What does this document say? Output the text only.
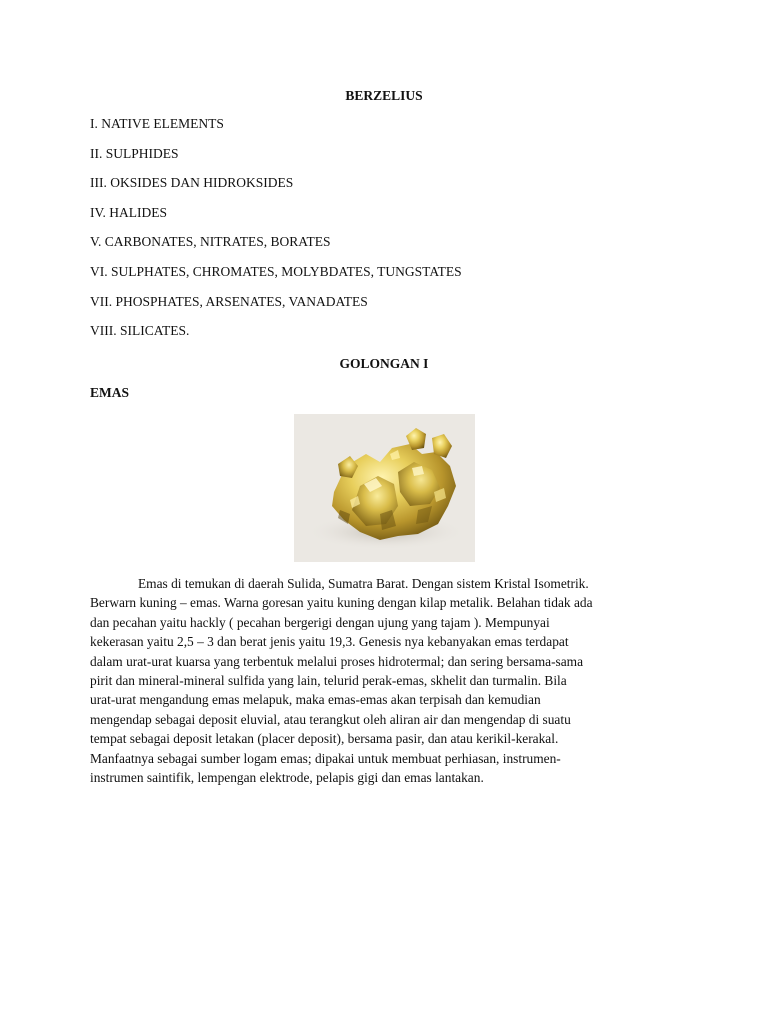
BERZELIUS
I. NATIVE ELEMENTS
II. SULPHIDES
III. OKSIDES DAN HIDROKSIDES
IV. HALIDES
V. CARBONATES, NITRATES, BORATES
VI. SULPHATES, CHROMATES, MOLYBDATES, TUNGSTATES
VII. PHOSPHATES, ARSENATES, VANADATES
VIII. SILICATES.
GOLONGAN I
EMAS
Emas di temukan di daerah Sulida, Sumatra Barat. Dengan sistem Kristal Isometrik.
Berwarn kuning – emas. Warna goresan yaitu kuning dengan kilap metalik. Belahan tidak ada
dan pecahan yaitu hackly ( pecahan bergerigi dengan ujung yang tajam ). Mempunyai
kekerasan yaitu 2,5 – 3 dan berat jenis yaitu 19,3. Genesis nya kebanyakan emas terdapat
dalam urat-urat kuarsa yang terbentuk melalui proses hidrotermal; dan sering bersama-sama
pirit dan mineral-mineral sulfida yang lain, telurid perak-emas, skhelit dan turmalin. Bila
urat-urat mengandung emas melapuk, maka emas-emas akan terpisah dan kemudian
mengendap sebagai deposit eluvial, atau terangkut oleh aliran air dan mengendap di suatu
tempat sebagai deposit letakan (placer deposit), bersama pasir, dan atau kerikil-kerakal.
Manfaatnya sebagai sumber logam emas; dipakai untuk membuat perhiasan, instrumen-
instrumen saintifik, lempengan elektrode, pelapis gigi dan emas lantakan.
